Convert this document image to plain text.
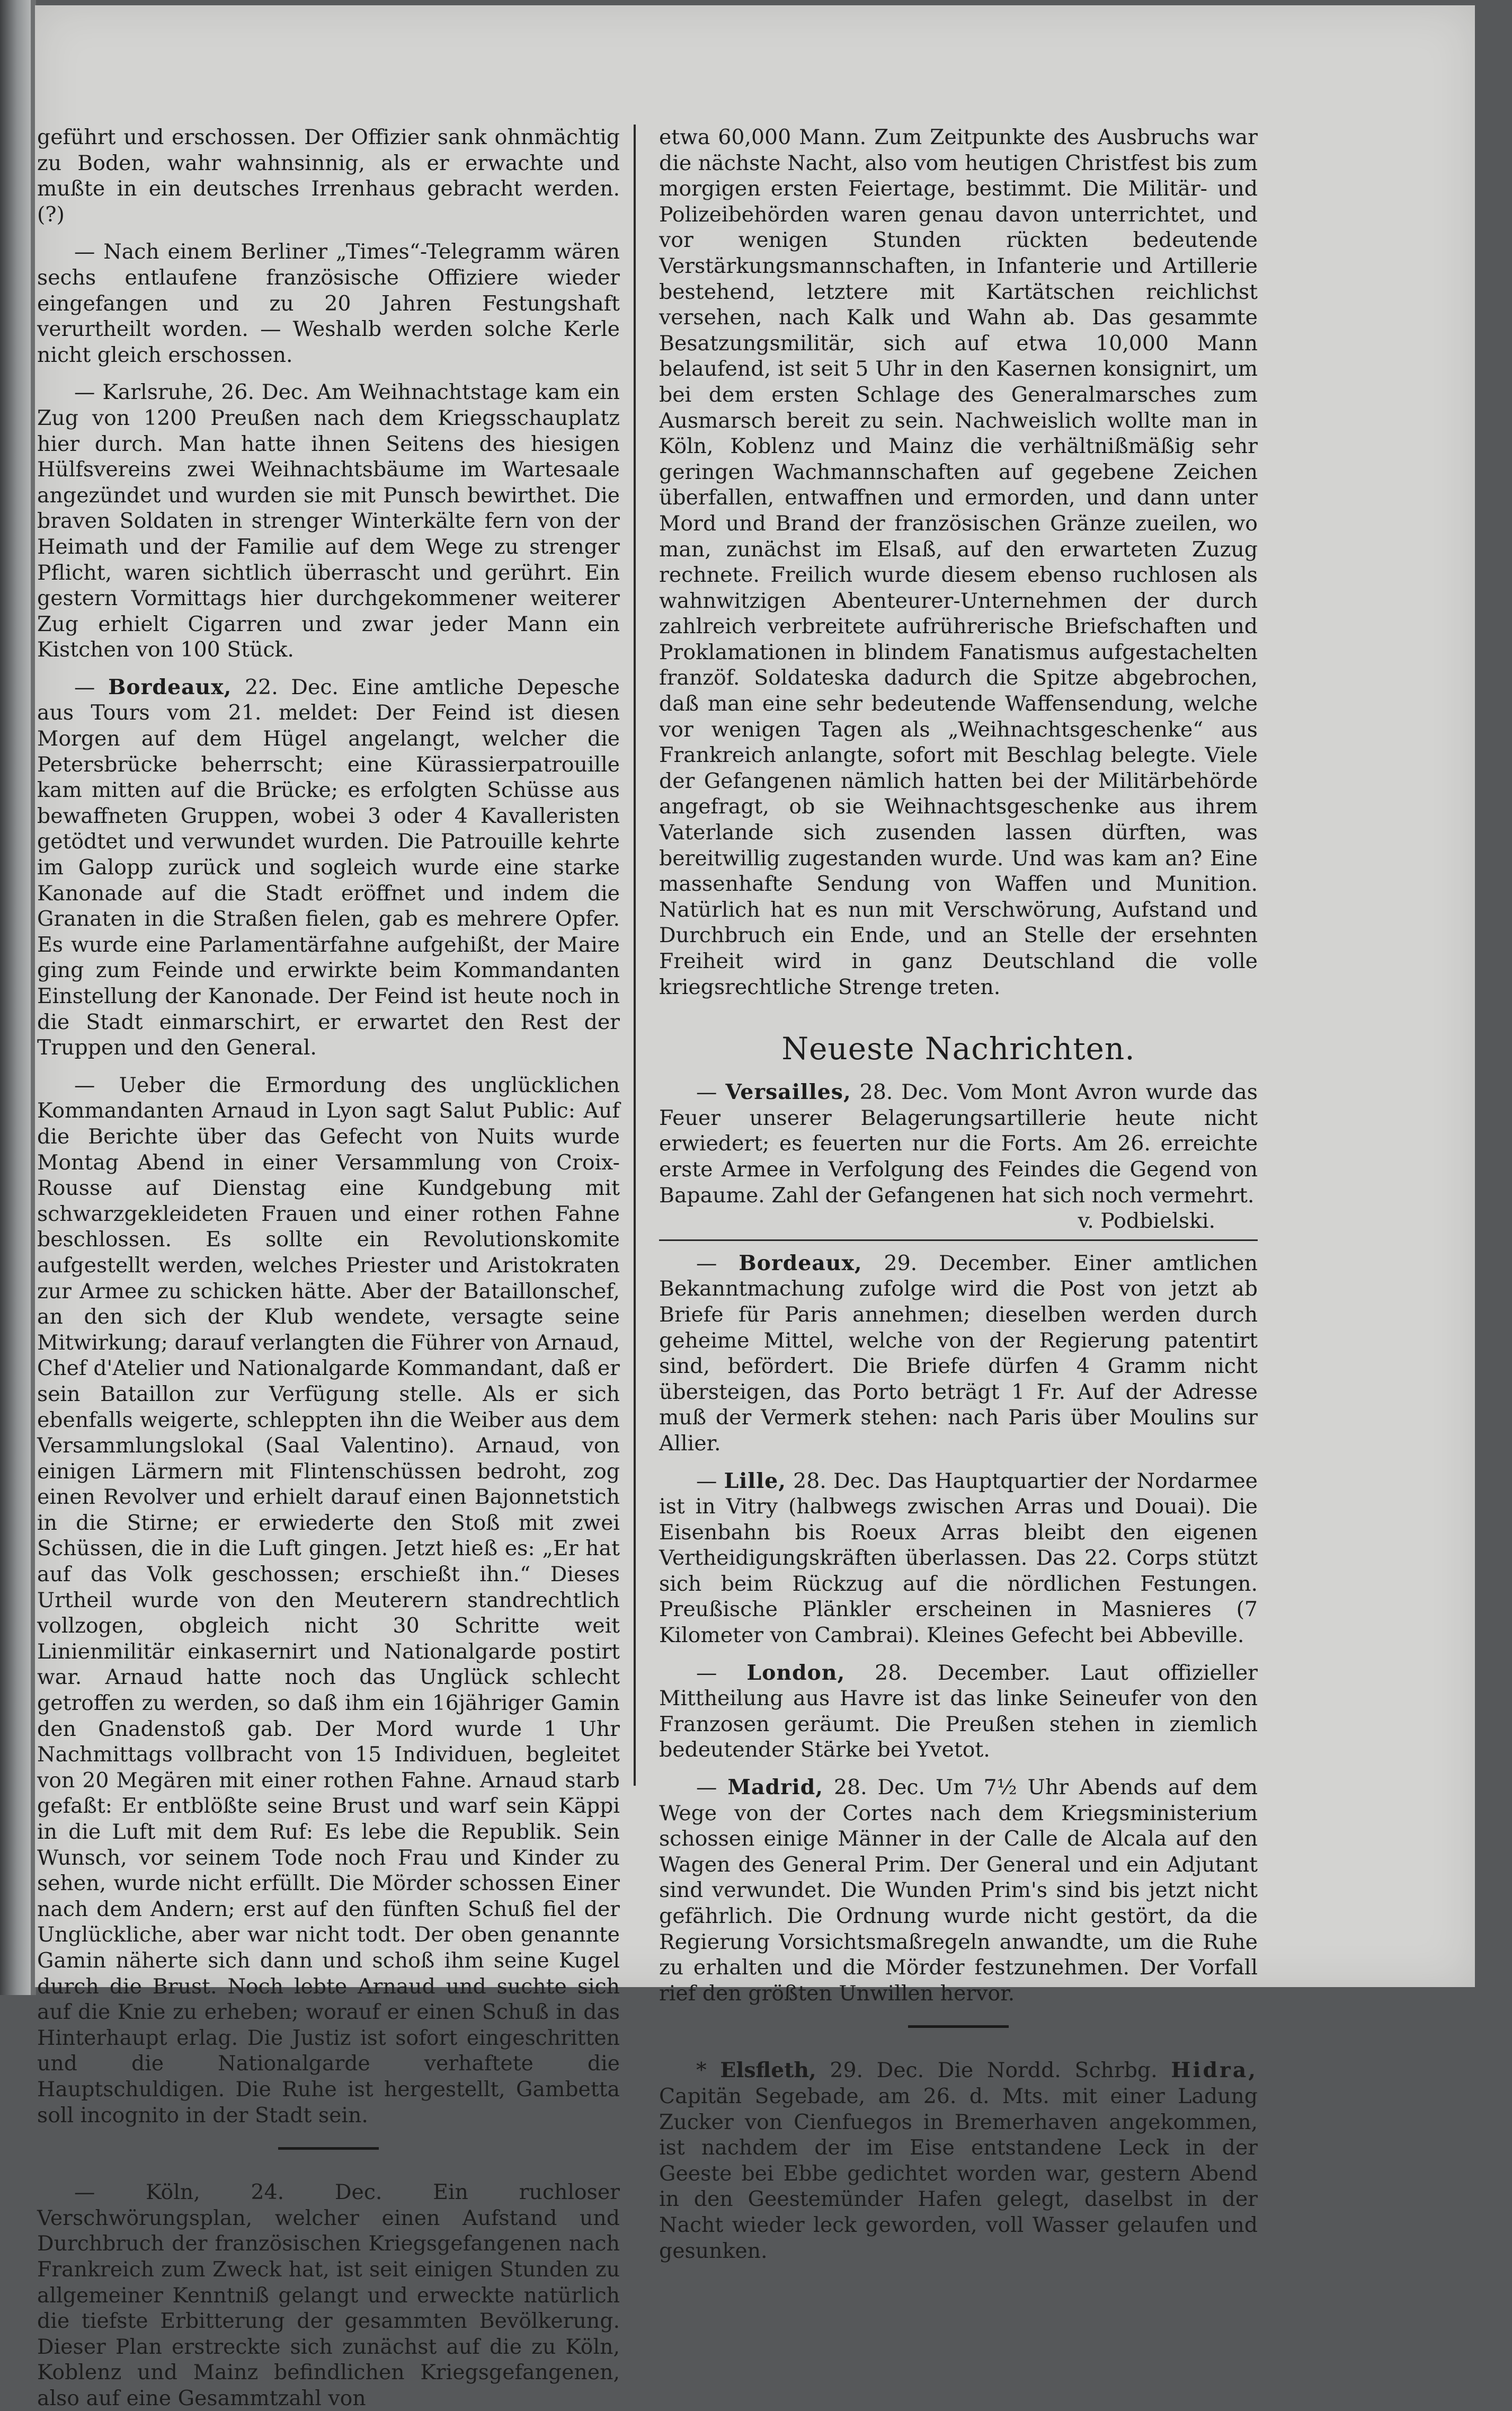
geführt und erschossen. Der Offizier sank ohnmächtig zu Boden, wahr wahnsinnig, als er erwachte und mußte in ein deutsches Irrenhaus gebracht werden. (?)

— Nach einem Berliner „Times“-Telegramm wären sechs entlaufene französische Offiziere wieder eingefangen und zu 20 Jahren Festungshaft verurtheilt worden. — Weshalb werden solche Kerle nicht gleich erschossen.

— Karlsruhe, 26. Dec. Am Weihnachtstage kam ein Zug von 1200 Preußen nach dem Kriegsschauplatz hier durch. Man hatte ihnen Seitens des hiesigen Hülfsvereins zwei Weihnachtsbäume im Wartesaale angezündet und wurden sie mit Punsch bewirthet. Die braven Soldaten in strenger Winterkälte fern von der Heimath und der Familie auf dem Wege zu strenger Pflicht, waren sichtlich überrascht und gerührt. Ein gestern Vormittags hier durchgekommener weiterer Zug erhielt Cigarren und zwar jeder Mann ein Kistchen von 100 Stück.

— Bordeaux, 22. Dec. Eine amtliche Depesche aus Tours vom 21. meldet: Der Feind ist diesen Morgen auf dem Hügel angelangt, welcher die Petersbrücke beherrscht; eine Kürassierpatrouille kam mitten auf die Brücke; es erfolgten Schüsse aus bewaffneten Gruppen, wobei 3 oder 4 Kavalleristen getödtet und verwundet wurden. Die Patrouille kehrte im Galopp zurück und sogleich wurde eine starke Kanonade auf die Stadt eröffnet und indem die Granaten in die Straßen fielen, gab es mehrere Opfer. Es wurde eine Parlamentärfahne aufgehißt, der Maire ging zum Feinde und erwirkte beim Kommandanten Einstellung der Kanonade. Der Feind ist heute noch in die Stadt einmarschirt, er erwartet den Rest der Truppen und den General.

— Ueber die Ermordung des unglücklichen Kommandanten Arnaud in Lyon sagt Salut Public: Auf die Berichte über das Gefecht von Nuits wurde Montag Abend in einer Versammlung von Croix-Rousse auf Dienstag eine Kundgebung mit schwarzgekleideten Frauen und einer rothen Fahne beschlossen. Es sollte ein Revolutionskomite aufgestellt werden, welches Priester und Aristokraten zur Armee zu schicken hätte. Aber der Bataillonschef, an den sich der Klub wendete, versagte seine Mitwirkung; darauf verlangten die Führer von Arnaud, Chef d'Atelier und Nationalgarde Kommandant, daß er sein Bataillon zur Verfügung stelle. Als er sich ebenfalls weigerte, schleppten ihn die Weiber aus dem Versammlungslokal (Saal Valentino). Arnaud, von einigen Lärmern mit Flintenschüssen bedroht, zog einen Revolver und erhielt darauf einen Bajonnetstich in die Stirne; er erwiederte den Stoß mit zwei Schüssen, die in die Luft gingen. Jetzt hieß es: „Er hat auf das Volk geschossen; erschießt ihn.“ Dieses Urtheil wurde von den Meuterern standrechtlich vollzogen, obgleich nicht 30 Schritte weit Linienmilitär einkasernirt und Nationalgarde postirt war. Arnaud hatte noch das Unglück schlecht getroffen zu werden, so daß ihm ein 16jähriger Gamin den Gnadenstoß gab. Der Mord wurde 1 Uhr Nachmittags vollbracht von 15 Individuen, begleitet von 20 Megären mit einer rothen Fahne. Arnaud starb gefaßt: Er entblößte seine Brust und warf sein Käppi in die Luft mit dem Ruf: Es lebe die Republik. Sein Wunsch, vor seinem Tode noch Frau und Kinder zu sehen, wurde nicht erfüllt. Die Mörder schossen Einer nach dem Andern; erst auf den fünften Schuß fiel der Unglückliche, aber war nicht todt. Der oben genannte Gamin näherte sich dann und schoß ihm seine Kugel durch die Brust. Noch lebte Arnaud und suchte sich auf die Knie zu erheben; worauf er einen Schuß in das Hinterhaupt erlag. Die Justiz ist sofort eingeschritten und die Nationalgarde verhaftete die Hauptschuldigen. Die Ruhe ist hergestellt, Gambetta soll incognito in der Stadt sein.

— Köln, 24. Dec. Ein ruchloser Verschwörungsplan, welcher einen Aufstand und Durchbruch der französischen Kriegsgefangenen nach Frankreich zum Zweck hat, ist seit einigen Stunden zu allgemeiner Kenntniß gelangt und erweckte natürlich die tiefste Erbitterung der gesammten Bevölkerung. Dieser Plan erstreckte sich zunächst auf die zu Köln, Koblenz und Mainz befindlichen Kriegsgefangenen, also auf eine Gesammtzahl von

etwa 60,000 Mann. Zum Zeitpunkte des Ausbruchs war die nächste Nacht, also vom heutigen Christfest bis zum morgigen ersten Feiertage, bestimmt. Die Militär- und Polizeibehörden waren genau davon unterrichtet, und vor wenigen Stunden rückten bedeutende Verstärkungsmannschaften, in Infanterie und Artillerie bestehend, letztere mit Kartätschen reichlichst versehen, nach Kalk und Wahn ab. Das gesammte Besatzungsmilitär, sich auf etwa 10,000 Mann belaufend, ist seit 5 Uhr in den Kasernen konsignirt, um bei dem ersten Schlage des Generalmarsches zum Ausmarsch bereit zu sein. Nachweislich wollte man in Köln, Koblenz und Mainz die verhältnißmäßig sehr geringen Wachmannschaften auf gegebene Zeichen überfallen, entwaffnen und ermorden, und dann unter Mord und Brand der französischen Gränze zueilen, wo man, zunächst im Elsaß, auf den erwarteten Zuzug rechnete. Freilich wurde diesem ebenso ruchlosen als wahnwitzigen Abenteurer-Unternehmen der durch zahlreich verbreitete aufrührerische Briefschaften und Proklamationen in blindem Fanatismus aufgestachelten franzöf. Soldateska dadurch die Spitze abgebrochen, daß man eine sehr bedeutende Waffensendung, welche vor wenigen Tagen als „Weihnachtsgeschenke“ aus Frankreich anlangte, sofort mit Beschlag belegte. Viele der Gefangenen nämlich hatten bei der Militärbehörde angefragt, ob sie Weihnachtsgeschenke aus ihrem Vaterlande sich zusenden lassen dürften, was bereitwillig zugestanden wurde. Und was kam an? Eine massenhafte Sendung von Waffen und Munition. Natürlich hat es nun mit Verschwörung, Aufstand und Durchbruch ein Ende, und an Stelle der ersehnten Freiheit wird in ganz Deutschland die volle kriegsrechtliche Strenge treten.

Neueste Nachrichten.

— Versailles, 28. Dec. Vom Mont Avron wurde das Feuer unserer Belagerungsartillerie heute nicht erwiedert; es feuerten nur die Forts. Am 26. erreichte erste Armee in Verfolgung des Feindes die Gegend von Bapaume. Zahl der Gefangenen hat sich noch vermehrt.

v. Podbielski.

— Bordeaux, 29. December. Einer amtlichen Bekanntmachung zufolge wird die Post von jetzt ab Briefe für Paris annehmen; dieselben werden durch geheime Mittel, welche von der Regierung patentirt sind, befördert. Die Briefe dürfen 4 Gramm nicht übersteigen, das Porto beträgt 1 Fr. Auf der Adresse muß der Vermerk stehen: nach Paris über Moulins sur Allier.

— Lille, 28. Dec. Das Hauptquartier der Nordarmee ist in Vitry (halbwegs zwischen Arras und Douai). Die Eisenbahn bis Roeux Arras bleibt den eigenen Vertheidigungskräften überlassen. Das 22. Corps stützt sich beim Rückzug auf die nördlichen Festungen. Preußische Plänkler erscheinen in Masnieres (7 Kilometer von Cambrai). Kleines Gefecht bei Abbeville.

— London, 28. December. Laut offizieller Mittheilung aus Havre ist das linke Seineufer von den Franzosen geräumt. Die Preußen stehen in ziemlich bedeutender Stärke bei Yvetot.

— Madrid, 28. Dec. Um 7½ Uhr Abends auf dem Wege von der Cortes nach dem Kriegsministerium schossen einige Männer in der Calle de Alcala auf den Wagen des General Prim. Der General und ein Adjutant sind verwundet. Die Wunden Prim's sind bis jetzt nicht gefährlich. Die Ordnung wurde nicht gestört, da die Regierung Vorsichtsmaßregeln anwandte, um die Ruhe zu erhalten und die Mörder festzunehmen. Der Vorfall rief den größten Unwillen hervor.

* Elsfleth, 29. Dec. Die Nordd. Schrbg. Hidra, Capitän Segebade, am 26. d. Mts. mit einer Ladung Zucker von Cienfuegos in Bremerhaven angekommen, ist nachdem der im Eise entstandene Leck in der Geeste bei Ebbe gedichtet worden war, gestern Abend in den Geestemünder Hafen gelegt, daselbst in der Nacht wieder leck geworden, voll Wasser gelaufen und gesunken.
